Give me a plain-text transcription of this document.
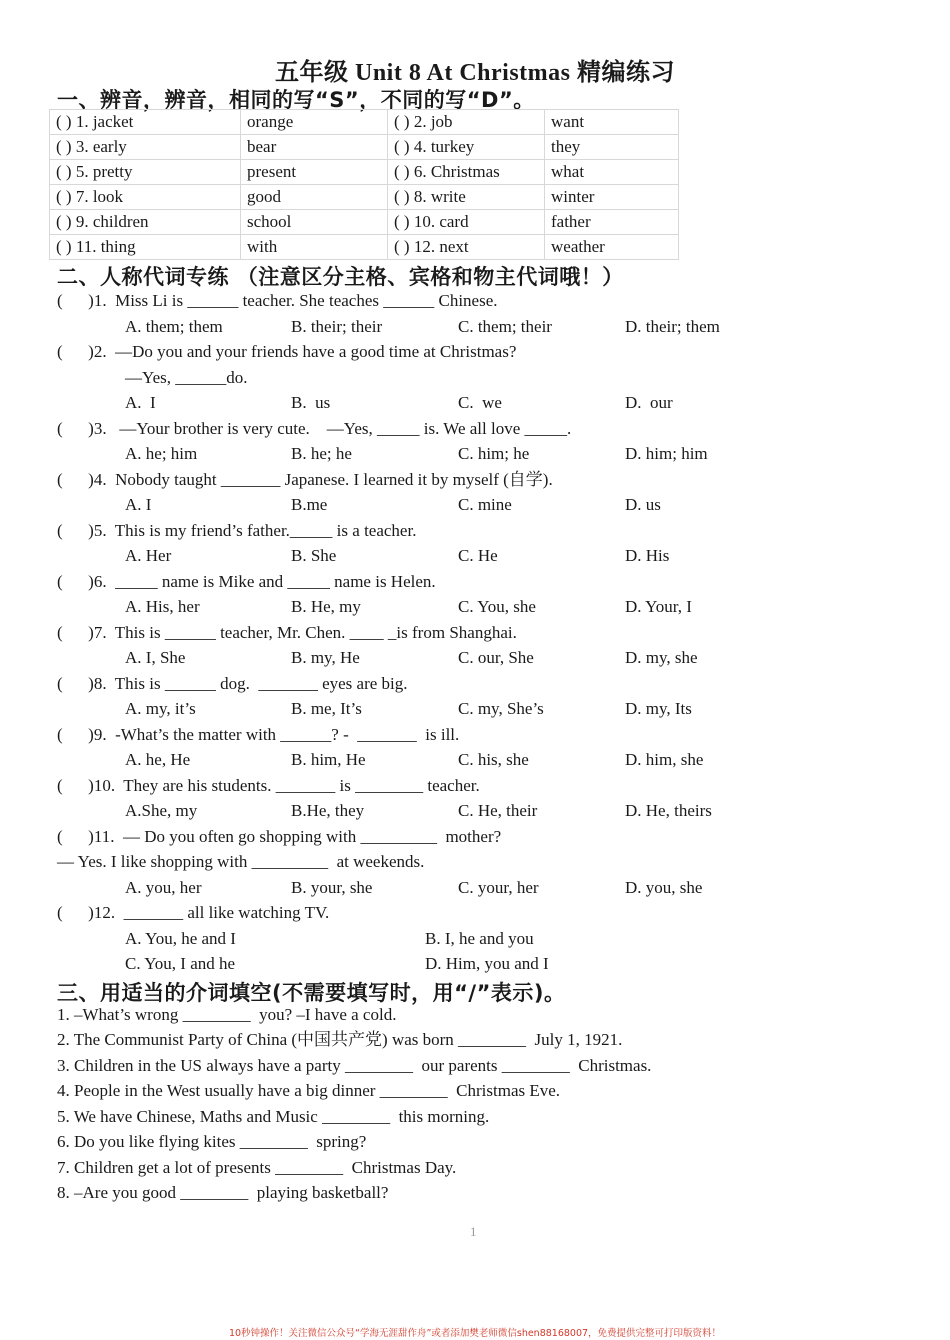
五年级 Unit 8 At Christmas 精编练习
一、辨音，辨音，相同的写“S”，不同的写“D”。
( ) 1. jacket	orange	( ) 2. job	want
( ) 3. early	bear	( ) 4. turkey	they
( ) 5. pretty	present	( ) 6. Christmas	what
( ) 7. look	good	( ) 8. write	winter
( ) 9. children	school	( ) 10. card	father
( ) 11. thing	with	( ) 12. next	weather
二、人称代词专练 （注意区分主格、宾格和物主代词哦！）
(      )1.  Miss Li is ______ teacher. She teaches ______ Chinese.
A. them; them	B. their; their	C. them; their	D. their; them
(      )2.  —Do you and your friends have a good time at Christmas?
—Yes, ______do.
A.  I	B.  us	C.  we	D.  our
(      )3.   —Your brother is very cute.    —Yes, _____ is. We all love _____.
A. he; him	B. he; he	C. him; he	D. him; him
(      )4.  Nobody taught _______ Japanese. I learned it by myself (自学).
A. I	B.me	C. mine	D. us
(      )5.  This is my friend’s father._____ is a teacher.
A. Her	B. She	C. He	D. His
(      )6.  _____ name is Mike and _____ name is Helen.
A. His, her	B. He, my	C. You, she	D. Your, I
(      )7.  This is ______ teacher, Mr. Chen. ____ _is from Shanghai.
A. I, She	B. my, He	C. our, She	D. my, she
(      )8.  This is ______ dog.  _______ eyes are big.
A. my, it’s	B. me, It’s	C. my, She’s	D. my, Its
(      )9.  -What’s the matter with ______? -  _______  is ill.
A. he, He	B. him, He	C. his, she	D. him, she
(      )10.  They are his students. _______ is ________ teacher.
A.She, my	B.He, they	C. He, their	D. He, theirs
(      )11.  — Do you often go shopping with _________  mother?
— Yes. I like shopping with _________  at weekends.
A. you, her	B. your, she	C. your, her	D. you, she
(      )12.  _______ all like watching TV.
A. You, he and I	B. I, he and you
C. You, I and he	D. Him, you and I
三、用适当的介词填空(不需要填写时，用“/”表示)。
1. –What’s wrong ________  you? –I have a cold.
2. The Communist Party of China (中国共产党) was born ________  July 1, 1921.
3. Children in the US always have a party ________  our parents ________  Christmas.
4. People in the West usually have a big dinner ________  Christmas Eve.
5. We have Chinese, Maths and Music ________  this morning.
6. Do you like flying kites ________  spring?
7. Children get a lot of presents ________  Christmas Day.
8. –Are you good ________  playing basketball?
1
10秒钟操作！关注微信公众号“学海无涯甜作舟”或者添加樊老师微信shen88168007，免费提供完整可打印版资料！
